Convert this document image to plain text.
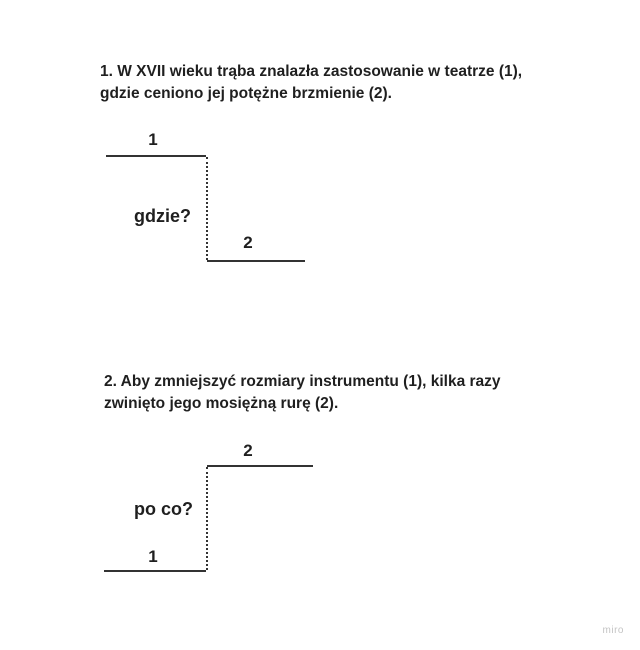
1. W XVII wieku trąba znalazła zastosowanie w teatrze (1),
gdzie ceniono jej potężne brzmienie (2).
1
gdzie?
2
2. Aby zmniejszyć rozmiary instrumentu (1), kilka razy
zwinięto jego mosiężną rurę (2).
2
po co?
1
miro
